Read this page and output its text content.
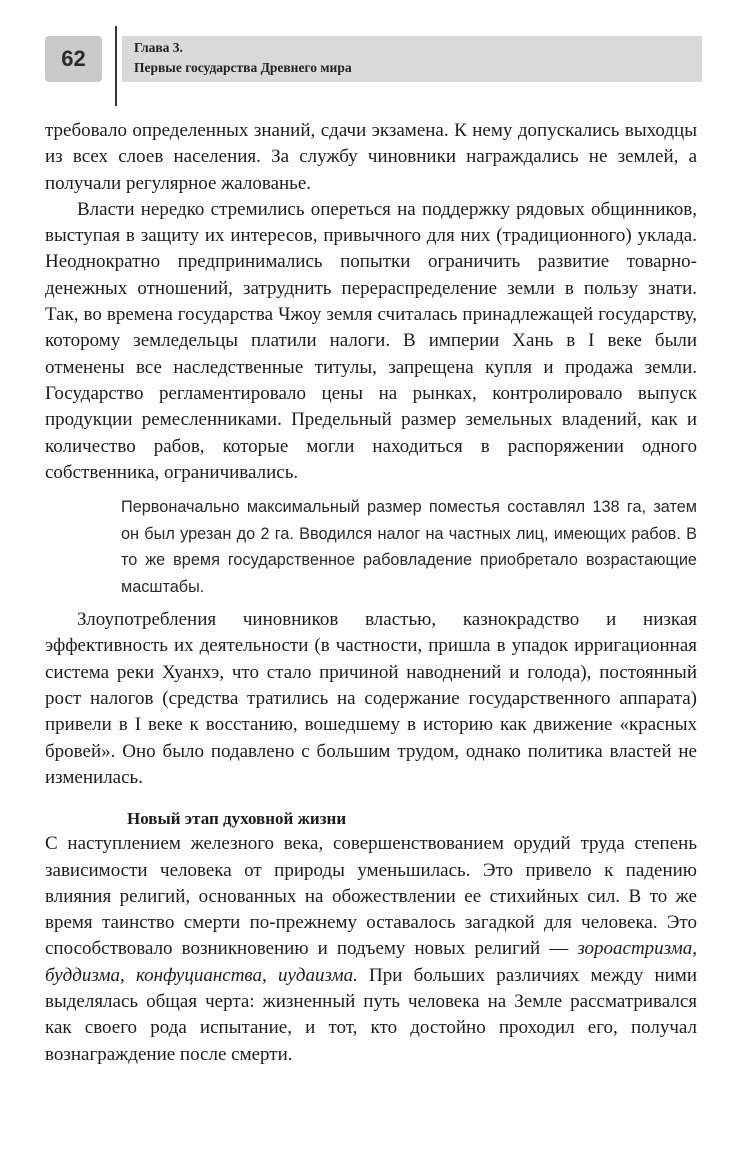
62	Глава 3.
Первые государства Древнего мира

требовало определенных знаний, сдачи экзамена. К нему допускались выходцы из всех слоев населения. За службу чиновники награждались не землей, а получали регулярное жалованье.

Власти нередко стремились опереться на поддержку рядовых общинников, выступая в защиту их интересов, привычного для них (традиционного) уклада. Неоднократно предпринимались попытки ограничить развитие товарно-денежных отношений, затруднить перераспределение земли в пользу знати. Так, во времена государства Чжоу земля считалась принадлежащей государству, которому земледельцы платили налоги. В империи Хань в I веке были отменены все наследственные титулы, запрещена купля и продажа земли. Государство регламентировало цены на рынках, контролировало выпуск продукции ремесленниками. Предельный размер земельных владений, как и количество рабов, которые могли находиться в распоряжении одного собственника, ограничивались.

Первоначально максимальный размер поместья составлял 138 га, затем он был урезан до 2 га. Вводился налог на частных лиц, имеющих рабов. В то же время государственное рабовладение приобретало возрастающие масштабы.

Злоупотребления чиновников властью, казнокрадство и низкая эффективность их деятельности (в частности, пришла в упадок ирригационная система реки Хуанхэ, что стало причиной наводнений и голода), постоянный рост налогов (средства тратились на содержание государственного аппарата) привели в I веке к восстанию, вошедшему в историю как движение «красных бровей». Оно было подавлено с большим трудом, однако политика властей не изменилась.

Новый этап духовной жизни

С наступлением железного века, совершенствованием орудий труда степень зависимости человека от природы уменьшилась. Это привело к падению влияния религий, основанных на обожествлении ее стихийных сил. В то же время таинство смерти по-прежнему оставалось загадкой для человека. Это способствовало возникновению и подъему новых религий — зороастризма, буддизма, конфуцианства, иудаизма. При больших различиях между ними выделялась общая черта: жизненный путь человека на Земле рассматривался как своего рода испытание, и тот, кто достойно проходил его, получал вознаграждение после смерти.
